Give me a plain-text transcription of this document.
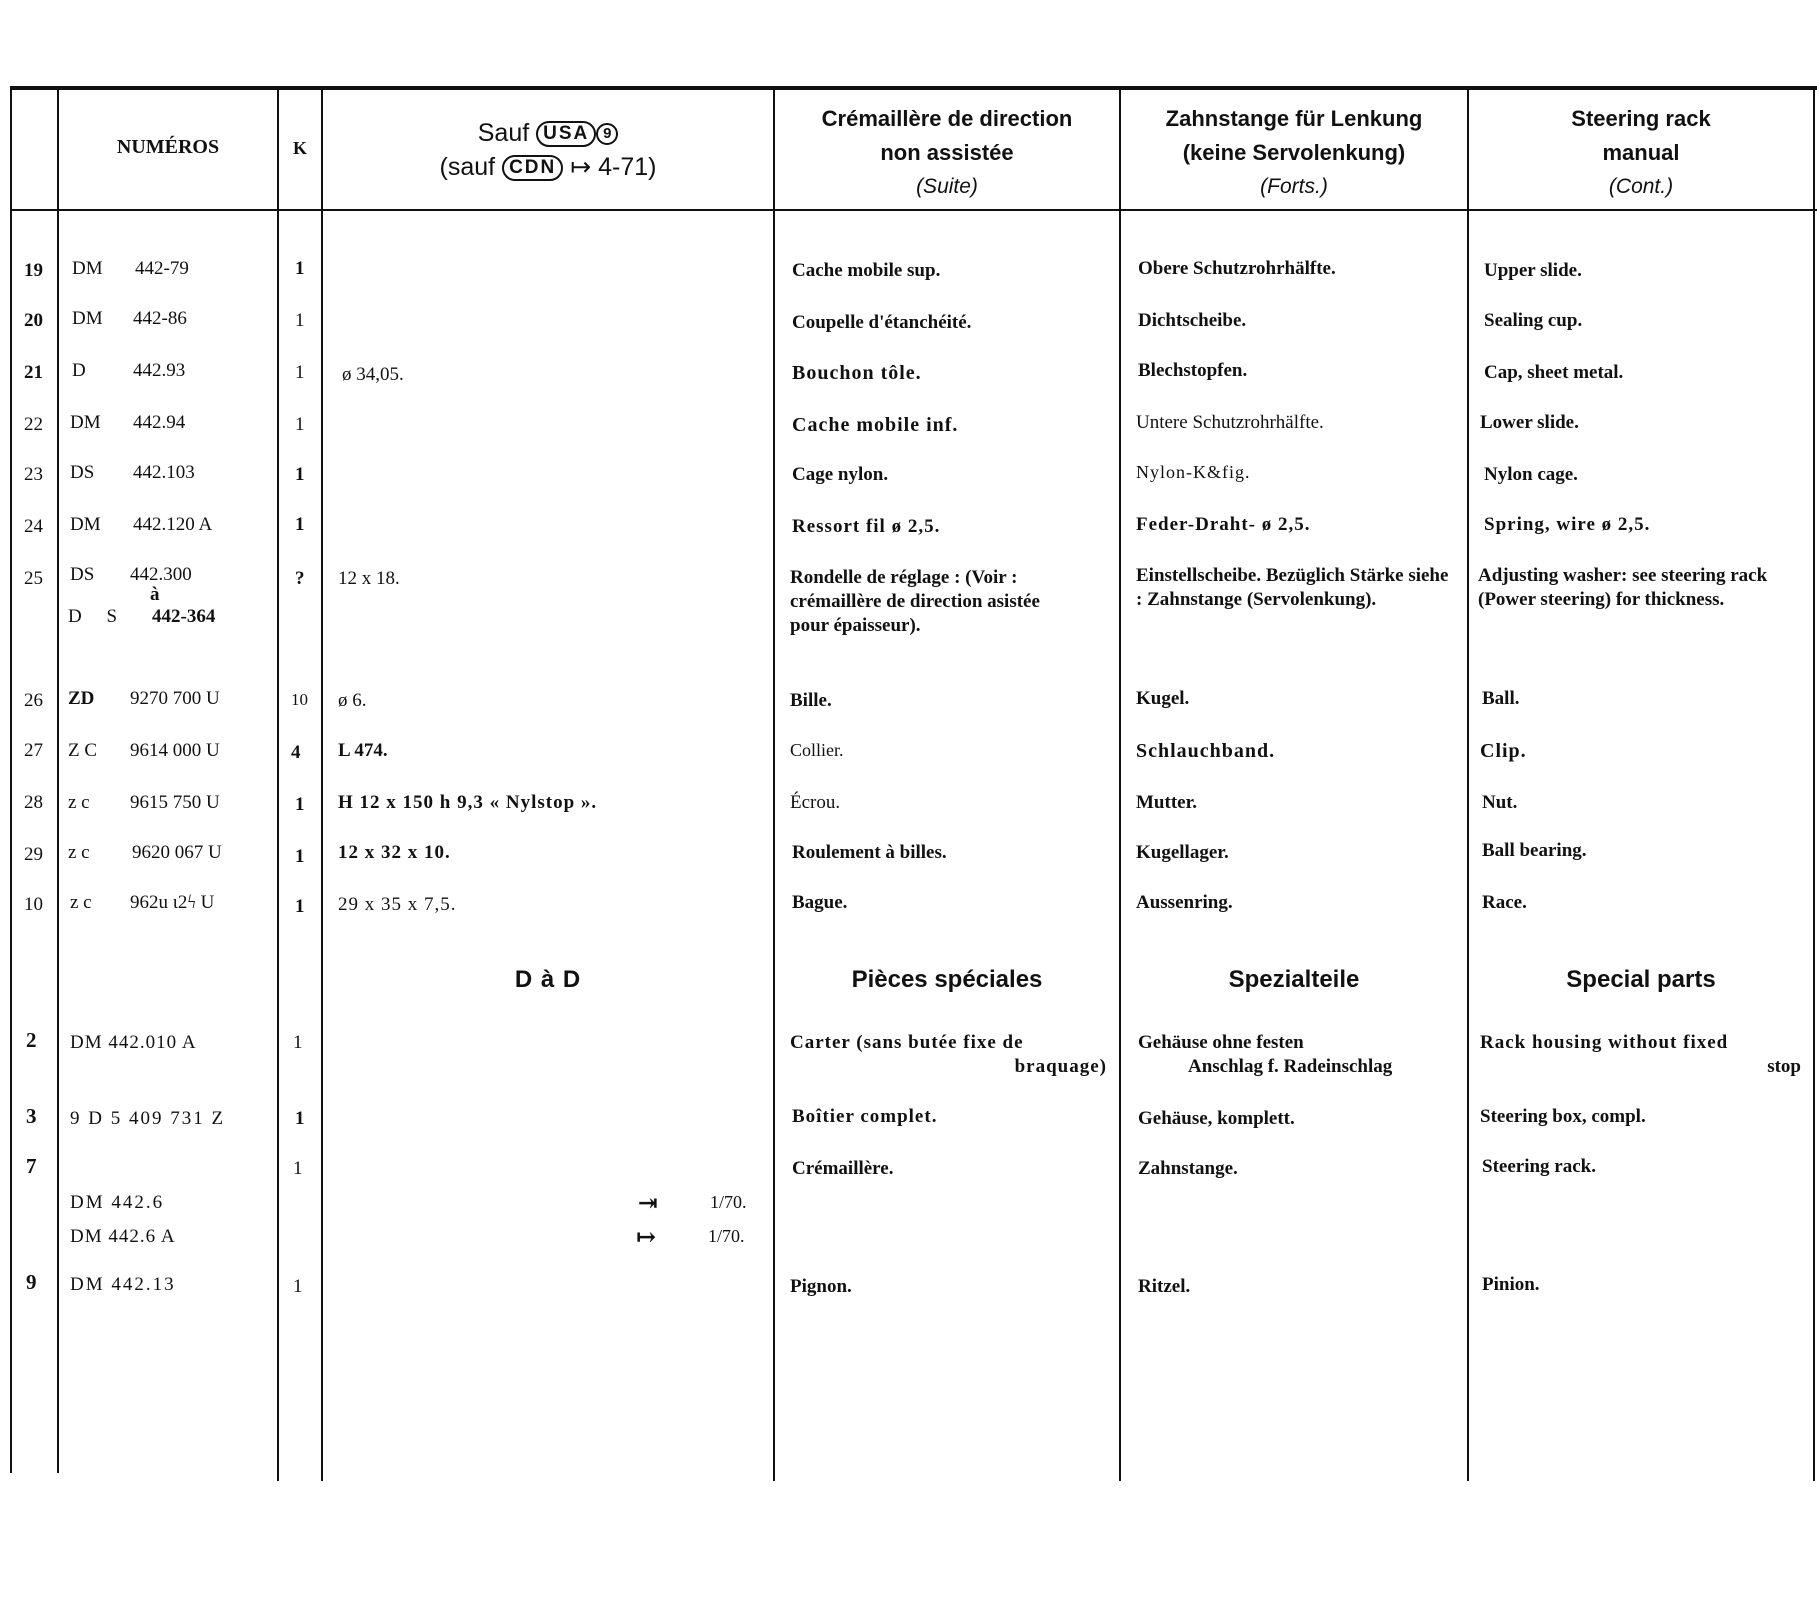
NUMÉROS	K
Sauf USA 9
(sauf CDN ↦ 4-71)
Crémaillère de direction
non assistée
(Suite)
Zahnstange für Lenkung
(keine Servolenkung)
(Forts.)
Steering rack
manual
(Cont.)
19 DM 442-79	1	Cache mobile sup.	Obere Schutzrohrhälfte.	Upper slide.
20 DM 442-86	1	Coupelle d'étanchéité.	Dichtscheibe.	Sealing cup.
21 D 442.93	1 ø 34,05.	Bouchon tôle.	Blechstopfen.	Cap, sheet metal.
22 DM 442.94	1	Cache mobile inf.	Untere Schutzrohrhälfte.	Lower slide.
23 DS 442.103	1	Cage nylon.	Nylon-K&fig.	Nylon cage.
24 DM 442.120 A	1	Ressort fil ø 2,5.	Feder-Draht- ø 2,5.	Spring, wire ø 2,5.
25 DS 442.300
à
D S 442-364
? 12 x 18.	Rondelle de réglage : (Voir : crémaillère de direction asistée pour épaisseur).
Einstellscheibe. Bezüglich Stärke siehe : Zahnstange (Servolenkung).
Adjusting washer: see steering rack (Power steering) for thickness.
26 ZD 9270 700 U	10 ø 6.	Bille.	Kugel.	Ball.
27 Z C 9614 000 U	4 L 474.	Collier.	Schlauchband.	Clip.
28 z c 9615 750 U	1 H 12 x 150 h 9,3 « Nylstop ».	Écrou.	Mutter.	Nut.
29 z c 9620 067 U	1 12 x 32 x 10.	Roulement à billes.	Kugellager.	Ball bearing.
10 z c 962u ι2ϟ U	1 29 x 35 x 7,5.	Bague.	Aussenring.	Race.
D à D	Pièces spéciales	Spezialteile	Special parts
2 DM 442.010 A	1	Carter (sans butée fixe de
braquage)
Gehäuse ohne festen
Anschlag f. Radeinschlag
Rack housing without fixed
stop
3 9 D 5 409 731 Z	1	Boîtier complet.	Gehäuse, komplett.	Steering box, compl.
7	1	Crémaillère.	Zahnstange.	Steering rack.
DM 442.6	⇥	1/70.
DM 442.6 A	↦	1/70.
9 DM 442.13	1	Pignon.	Ritzel.	Pinion.
